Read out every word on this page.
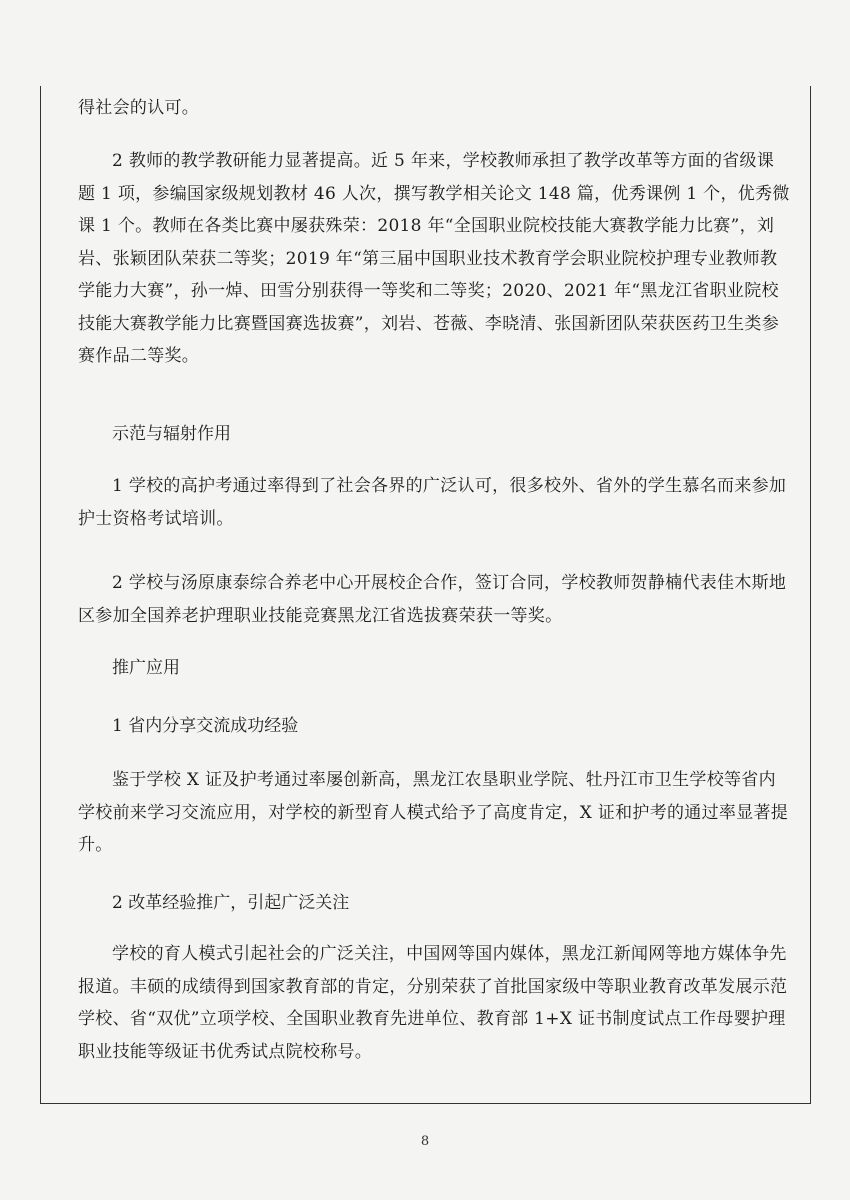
得社会的认可。

2 教师的教学教研能力显著提高。近 5 年来，学校教师承担了教学改革等方面的省级课题 1 项，参编国家级规划教材 46 人次，撰写教学相关论文 148 篇，优秀课例 1 个，优秀微课 1 个。教师在各类比赛中屡获殊荣：2018 年“全国职业院校技能大赛教学能力比赛”，刘岩、张颖团队荣获二等奖；2019 年“第三届中国职业技术教育学会职业院校护理专业教师教学能力大赛”，孙一焯、田雪分别获得一等奖和二等奖；2020、2021 年“黑龙江省职业院校技能大赛教学能力比赛暨国赛选拔赛”，刘岩、苍薇、李晓清、张国新团队荣获医药卫生类参赛作品二等奖。

示范与辐射作用

1 学校的高护考通过率得到了社会各界的广泛认可，很多校外、省外的学生慕名而来参加护士资格考试培训。

2 学校与汤原康泰综合养老中心开展校企合作，签订合同，学校教师贺静楠代表佳木斯地区参加全国养老护理职业技能竞赛黑龙江省选拔赛荣获一等奖。

推广应用

1 省内分享交流成功经验

鉴于学校 X 证及护考通过率屡创新高，黑龙江农垦职业学院、牡丹江市卫生学校等省内学校前来学习交流应用，对学校的新型育人模式给予了高度肯定，X 证和护考的通过率显著提升。

2 改革经验推广，引起广泛关注

学校的育人模式引起社会的广泛关注，中国网等国内媒体，黑龙江新闻网等地方媒体争先报道。丰硕的成绩得到国家教育部的肯定，分别荣获了首批国家级中等职业教育改革发展示范学校、省“双优”立项学校、全国职业教育先进单位、教育部 1+X 证书制度试点工作母婴护理职业技能等级证书优秀试点院校称号。

8
